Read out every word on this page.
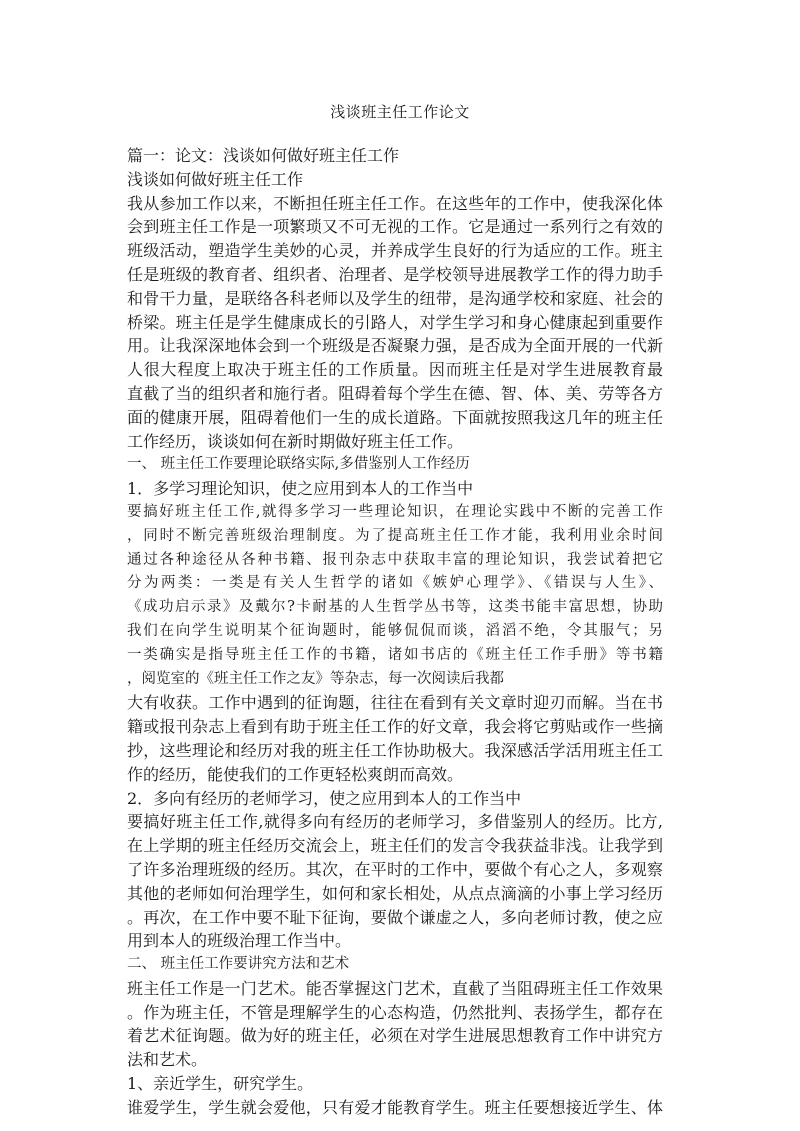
浅谈班主任工作论文
篇一：论文：浅谈如何做好班主任工作
浅谈如何做好班主任工作
我从参加工作以来，不断担任班主任工作。在这些年的工作中，使我深化体
会到班主任工作是一项繁琐又不可无视的工作。它是通过一系列行之有效的
班级活动，塑造学生美妙的心灵，并养成学生良好的行为适应的工作。班主
任是班级的教育者、组织者、治理者、是学校领导进展教学工作的得力助手
和骨干力量，是联络各科老师以及学生的纽带，是沟通学校和家庭、社会的
桥梁。班主任是学生健康成长的引路人，对学生学习和身心健康起到重要作
用。让我深深地体会到一个班级是否凝聚力强，是否成为全面开展的一代新
人很大程度上取决于班主任的工作质量。因而班主任是对学生进展教育最
直截了当的组织者和施行者。阻碍着每个学生在德、智、体、美、劳等各方
面的健康开展，阻碍着他们一生的成长道路。下面就按照我这几年的班主任
工作经历，谈谈如何在新时期做好班主任工作。
一、 班主任工作要理论联络实际,多借鉴别人工作经历
1．多学习理论知识，使之应用到本人的工作当中
要搞好班主任工作,就得多学习一些理论知识，在理论实践中不断的完善工作
，同时不断完善班级治理制度。为了提高班主任工作才能，我利用业余时间
通过各种途径从各种书籍、报刊杂志中获取丰富的理论知识，我尝试着把它
分为两类：一类是有关人生哲学的诸如《嫉妒心理学》、《错误与人生》、
《成功启示录》及戴尔?卡耐基的人生哲学丛书等，这类书能丰富思想，协助
我们在向学生说明某个征询题时，能够侃侃而谈，滔滔不绝，令其服气；另
一类确实是指导班主任工作的书籍，诸如书店的《班主任工作手册》等书籍
，阅览室的《班主任工作之友》等杂志，每一次阅读后我都
大有收获。工作中遇到的征询题，往往在看到有关文章时迎刃而解。当在书
籍或报刊杂志上看到有助于班主任工作的好文章，我会将它剪贴或作一些摘
抄，这些理论和经历对我的班主任工作协助极大。我深感活学活用班主任工
作的经历，能使我们的工作更轻松爽朗而高效。
2．多向有经历的老师学习，使之应用到本人的工作当中
要搞好班主任工作,就得多向有经历的老师学习，多借鉴别人的经历。比方,
在上学期的班主任经历交流会上，班主任们的发言令我获益非浅。让我学到
了许多治理班级的经历。其次，在平时的工作中，要做个有心之人，多观察
其他的老师如何治理学生，如何和家长相处，从点点滴滴的小事上学习经历
。再次，在工作中要不耻下征询，要做个谦虚之人，多向老师讨教，使之应
用到本人的班级治理工作当中。
二、 班主任工作要讲究方法和艺术
班主任工作是一门艺术。能否掌握这门艺术，直截了当阻碍班主任工作效果
。作为班主任，不管是理解学生的心态构造，仍然批判、表扬学生，都存在
着艺术征询题。做为好的班主任，必须在对学生进展思想教育工作中讲究方
法和艺术。
1、亲近学生，研究学生。
谁爱学生，学生就会爱他，只有爱才能教育学生。班主任要想接近学生、体
